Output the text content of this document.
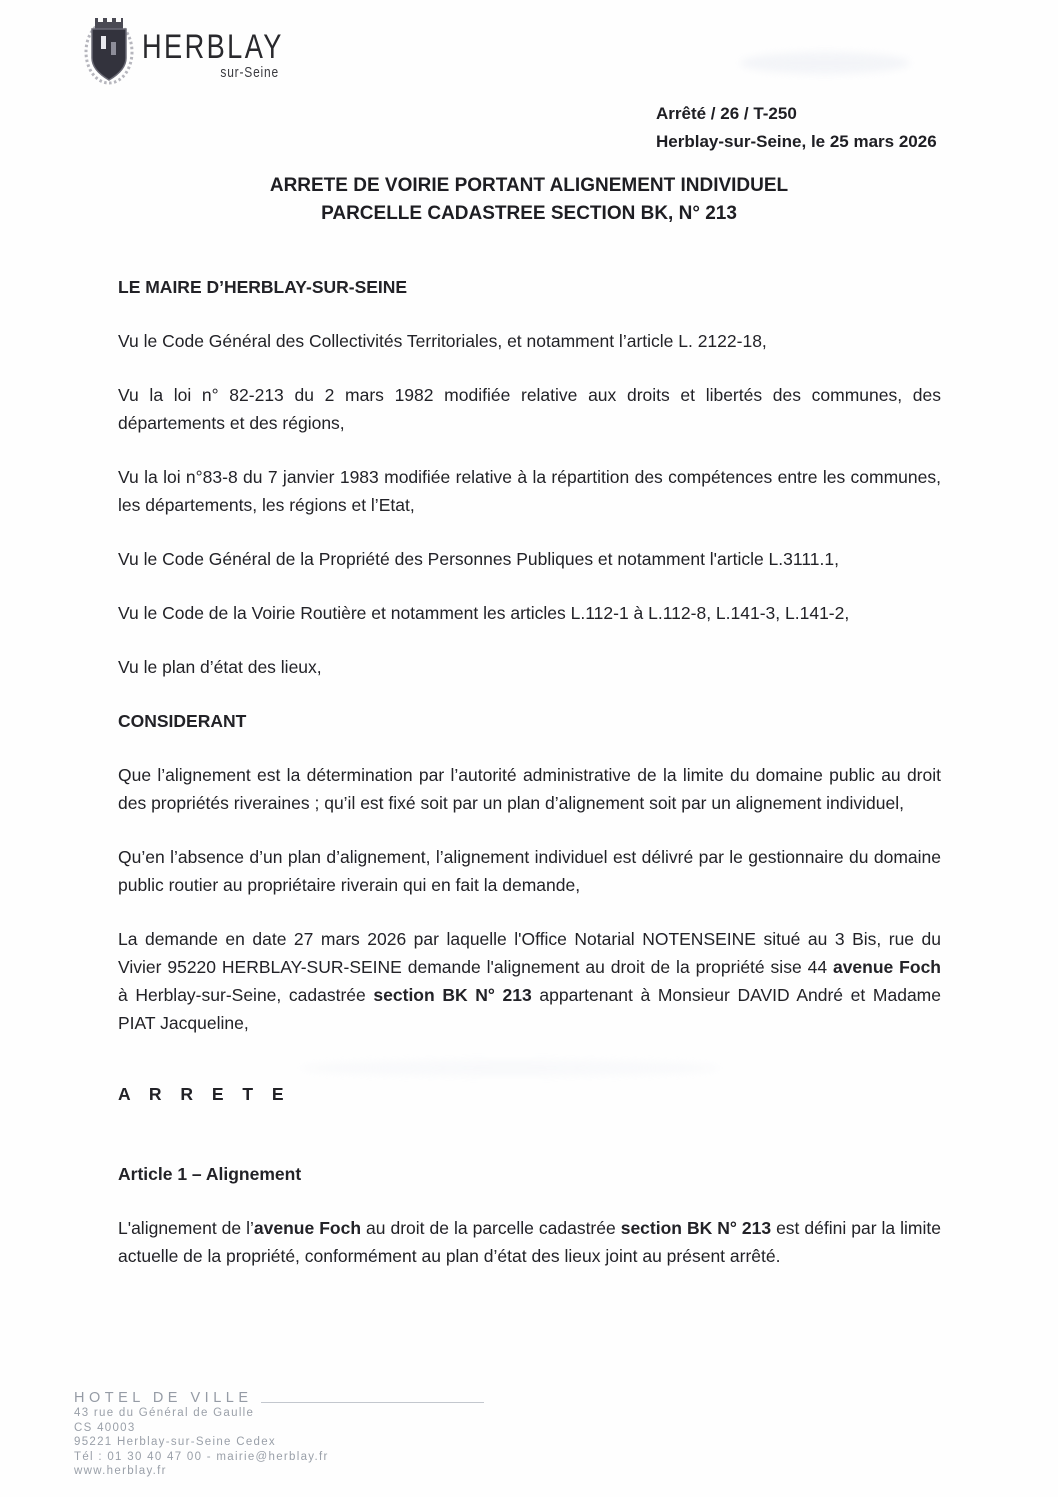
HERBLAY
sur-Seine
Arrêté / 26 / T-250
Herblay-sur-Seine, le 25 mars 2026
ARRETE DE VOIRIE PORTANT ALIGNEMENT INDIVIDUEL
PARCELLE CADASTREE SECTION BK, N° 213

LE MAIRE D’HERBLAY-SUR-SEINE

Vu le Code Général des Collectivités Territoriales, et notamment l’article L. 2122-18,

Vu la loi n° 82-213 du 2 mars 1982 modifiée relative aux droits et libertés des communes, des départements et des régions,

Vu la loi n°83-8 du 7 janvier 1983 modifiée relative à la répartition des compétences entre les communes, les départements, les régions et l’Etat,

Vu le Code Général de la Propriété des Personnes Publiques et notamment l'article L.3111.1,

Vu le Code de la Voirie Routière et notamment les articles L.112-1 à L.112-8, L.141-3, L.141-2,

Vu le plan d’état des lieux,

CONSIDERANT

Que l’alignement est la détermination par l’autorité administrative de la limite du domaine public au droit des propriétés riveraines ; qu’il est fixé soit par un plan d’alignement soit par un alignement individuel,

Qu’en l’absence d’un plan d’alignement, l’alignement individuel est délivré par le gestionnaire du domaine public routier au propriétaire riverain qui en fait la demande,

La demande en date 27 mars 2026 par laquelle l'Office Notarial NOTENSEINE situé au 3 Bis, rue du Vivier 95220 HERBLAY-SUR-SEINE demande l'alignement au droit de la propriété sise 44 avenue Foch à Herblay-sur-Seine, cadastrée section BK N° 213 appartenant à Monsieur DAVID André et Madame PIAT Jacqueline,

A R R E T E

Article 1 – Alignement

L'alignement de l’avenue Foch au droit de la parcelle cadastrée section BK N° 213 est défini par la limite actuelle de la propriété, conformément au plan d’état des lieux joint au présent arrêté.

HOTEL DE VILLE
43 rue du Général de Gaulle
CS 40003
95221 Herblay-sur-Seine Cedex
Tél : 01 30 40 47 00 - mairie@herblay.fr
www.herblay.fr
